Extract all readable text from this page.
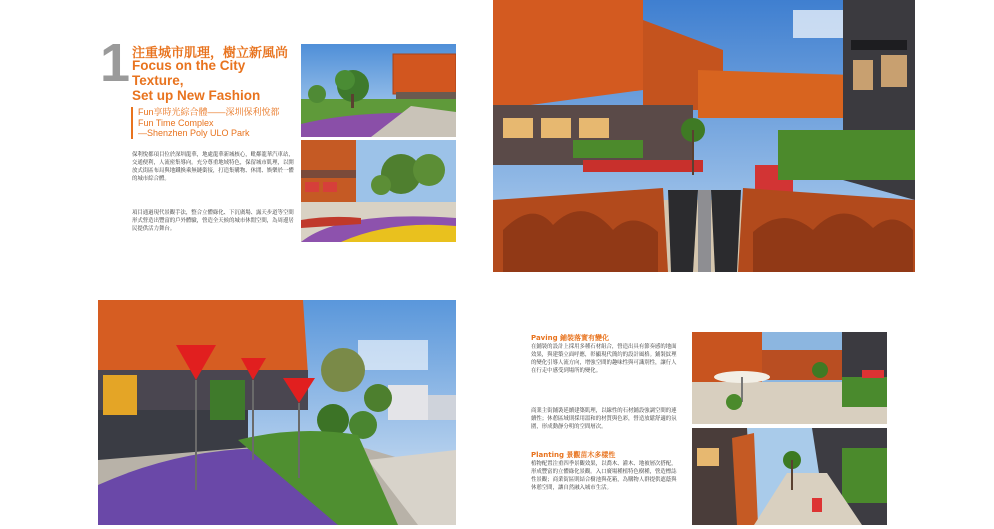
1 注重城市肌理，樹立新風尚
Focus on the City Texture,
Set up New Fashion
Fun享時光綜合體——深圳保利悅都
Fun Time Complex
—Shenzhen Poly ULO Park
保利悅都項目位於深圳龍華，地處龍華新城核心，毗鄰龍華汽車站，交通便利，人流密集導向。充分尊重地域特色，保留城市肌理，以開放式街區布局與地鐵換乘無縫銜接，打造集購物、休閒、娛樂於一體的城市綜合體。
項目通過現代景觀手法，整合立體綠化、下沉廣場、露天步道等空間形式營造出豐富的戶外體驗，營造全天候的城市休閒空間，為周邊居民提供活力舞台。
Paving 鋪裝落實有變化
在鋪裝的設計上採用多種石材組合，營造出具有節奏感的地面效果，與建築立面呼應，彰顯現代簡約的設計風格。鋪裝紋理的變化引導人流方向，增強空間的趣味性與可識別性，讓行人在行走中感受到場所的變化。
商業主街鋪裝延續建築肌理，以線性的石材鋪設強調空間的連續性；休憩區域則採用溫和的材質與色彩，營造放鬆舒適的氛圍，形成動靜分明的空間層次。
Planting 景觀苗木多樣性
植物配置注重四季景觀效果，以喬木、灌木、地被層次搭配，形成豐富的立體綠化景觀。入口廣場種植特色樹種，營造標誌性景觀；商業街區則結合樹池與花箱，為購物人群提供遮蔭與休憩空間，讓自然融入城市生活。
